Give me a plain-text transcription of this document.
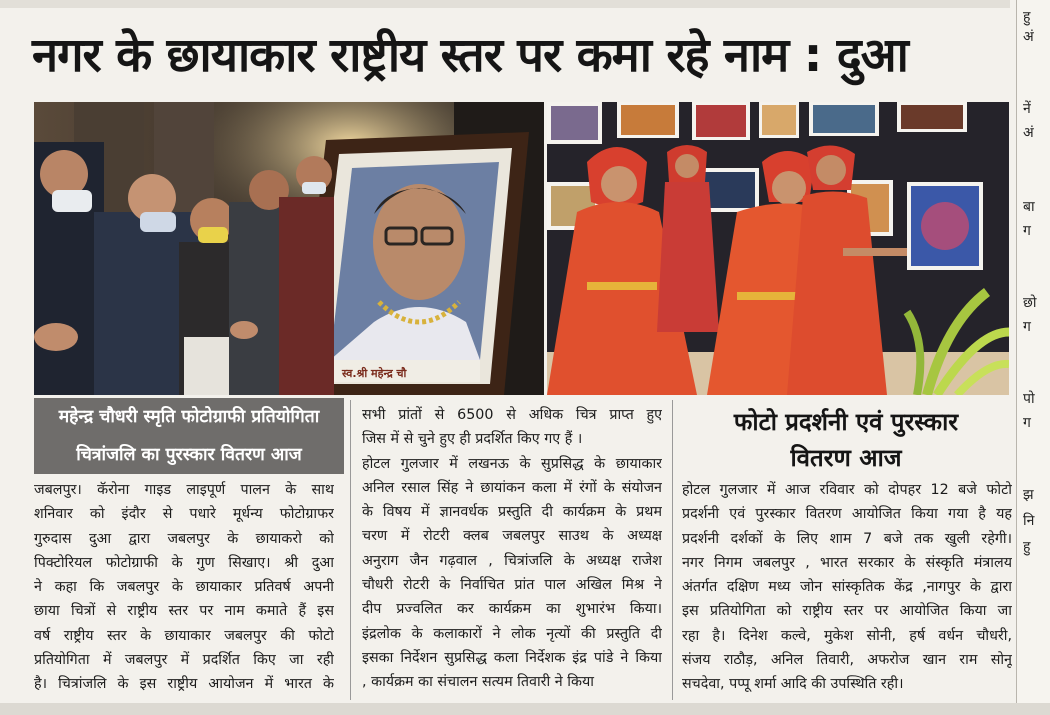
नगर के छायाकार राष्ट्रीय स्तर पर कमा रहे नाम : दुआ
स्व.श्री महेन्द्र चौ
महेन्द्र चौधरी स्मृति फोटोग्राफी प्रतियोगिता
चित्रांजलि का पुरस्कार वितरण आज
जबलपुर। कॅरोना गाइड लाइपूर्ण पालन के साथ
शनिवार को इंदौर से पधारे मूर्धन्य फोटोग्राफर
गुरुदास दुआ द्वारा जबलपुर के छायाकरो को
पिक्टोरियल फोटोग्राफी के गुण सिखाए। श्री दुआ
ने कहा कि जबलपुर के छायाकार प्रतिवर्ष अपनी
छाया चित्रों से राष्ट्रीय स्तर पर नाम कमाते हैं इस
वर्ष राष्ट्रीय स्तर के छायाकार जबलपुर की फोटो
प्रतियोगिता में जबलपुर में प्रदर्शित किए जा रही
है। चित्रांजलि के इस राष्ट्रीय आयोजन में भारत के
सभी प्रांतों से 6500 से अधिक चित्र प्राप्त हुए
जिस में से चुने हुए ही प्रदर्शित किए गए हैं ।
होटल गुलजार में लखनऊ के सुप्रसिद्ध के छायाकार
अनिल रसाल सिंह ने छायांकन कला में रंगों के संयोजन
के विषय में ज्ञानवर्धक प्रस्तुति दी कार्यक्रम के प्रथम
चरण में रोटरी क्लब जबलपुर साउथ के अध्यक्ष
अनुराग जैन गढ़वाल , चित्रांजलि के अध्यक्ष राजेश
चौधरी रोटरी के निर्वाचित प्रांत पाल अखिल मिश्र ने
दीप प्रज्वलित कर कार्यक्रम का शुभारंभ किया।
इंद्रलोक के कलाकारों ने लोक नृत्यों की प्रस्तुति दी
इसका निर्देशन सुप्रसिद्ध कला निर्देशक इंद्र पांडे ने किया
, कार्यक्रम का संचालन सत्यम तिवारी ने किया
फोटो प्रदर्शनी एवं पुरस्कार
वितरण आज
होटल गुलजार में आज रविवार को दोपहर 12 बजे फोटो
प्रदर्शनी एवं पुरस्कार वितरण आयोजित किया गया है यह
प्रदर्शनी दर्शकों के लिए शाम 7 बजे तक खुली रहेगी।
नगर निगम जबलपुर , भारत सरकार के संस्कृति मंत्रालय
अंतर्गत दक्षिण मध्य जोन सांस्कृतिक केंद्र ,नागपुर के द्वारा
इस प्रतियोगिता को राष्ट्रीय स्तर पर आयोजित किया जा
रहा है। दिनेश कल्वे, मुकेश सोनी, हर्ष वर्धन चौधरी,
संजय राठौड़, अनिल तिवारी, अफरोज खान राम सोनू
सचदेवा, पप्पू शर्मा आदि की उपस्थिति रही।
हु
अं
नें
अं
बा
ग
छो
ग
पो
ग
झ
नि
हु
